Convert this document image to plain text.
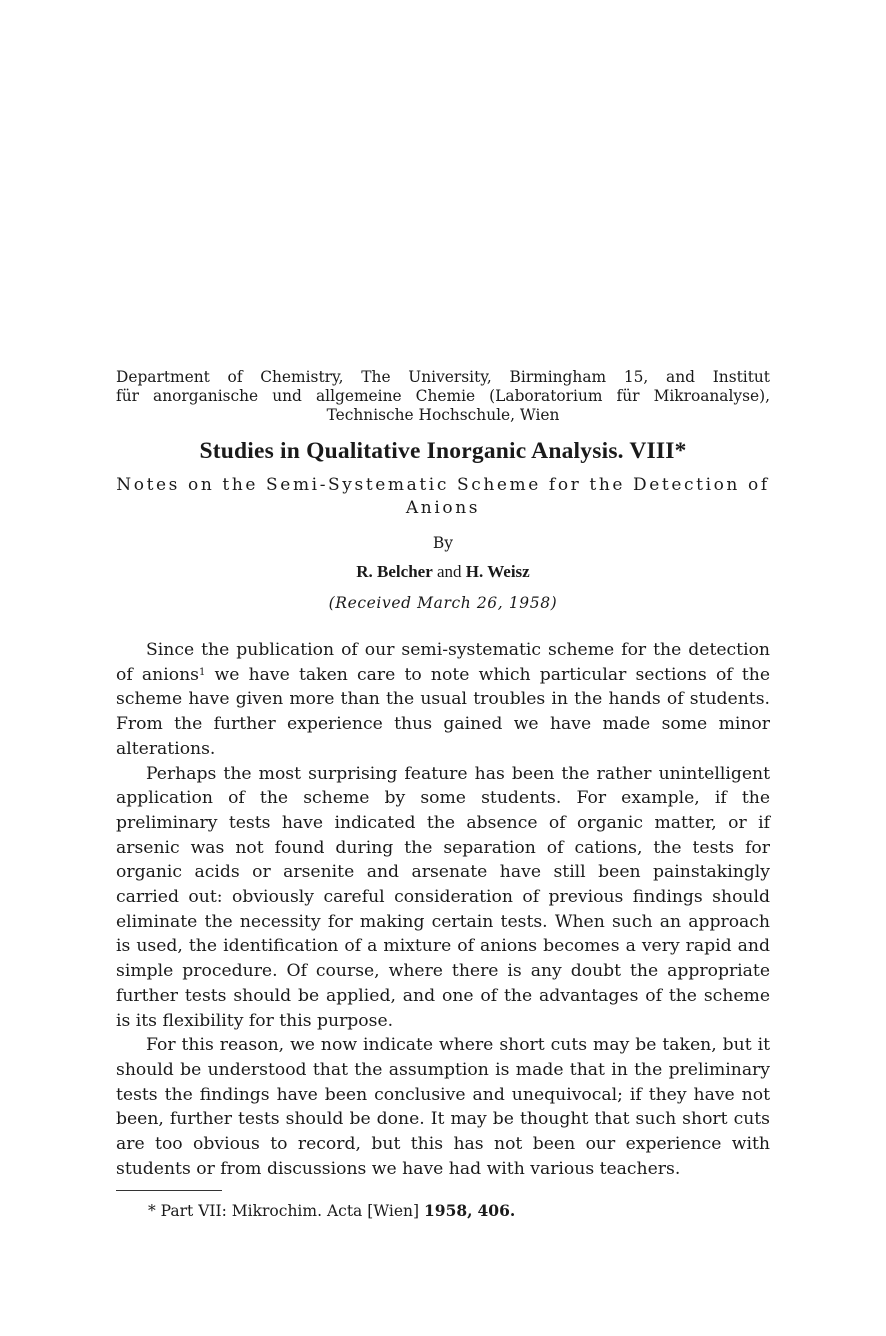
Department of Chemistry, The University, Birmingham 15, and Institut
für anorganische und allgemeine Chemie (Laboratorium für Mikroanalyse),
Technische Hochschule, Wien
Studies in Qualitative Inorganic Analysis. VIII*
Notes on the Semi-Systematic Scheme for the Detection of Anions
By
R. Belcher and H. Weisz
(Received March 26, 1958)

Since the publication of our semi-systematic scheme for the detection of anions$^1$ we have taken care to note which particular sections of the scheme have given more than the usual troubles in the hands of students. From the further experience thus gained we have made some minor alterations.

Perhaps the most surprising feature has been the rather unintelligent application of the scheme by some students. For example, if the preliminary tests have indicated the absence of organic matter, or if arsenic was not found during the separation of cations, the tests for organic acids or arsenite and arsenate have still been painstakingly carried out: obviously careful consideration of previous findings should eliminate the necessity for making certain tests. When such an approach is used, the identification of a mixture of anions becomes a very rapid and simple procedure. Of course, where there is any doubt the appropriate further tests should be applied, and one of the advantages of the scheme is its flexibility for this purpose.

For this reason, we now indicate where short cuts may be taken, but it should be understood that the assumption is made that in the preliminary tests the findings have been conclusive and unequivocal; if they have not been, further tests should be done. It may be thought that such short cuts are too obvious to record, but this has not been our experience with students or from discussions we have had with various teachers.

* Part VII: Mikrochim. Acta [Wien] 1958, 406.
